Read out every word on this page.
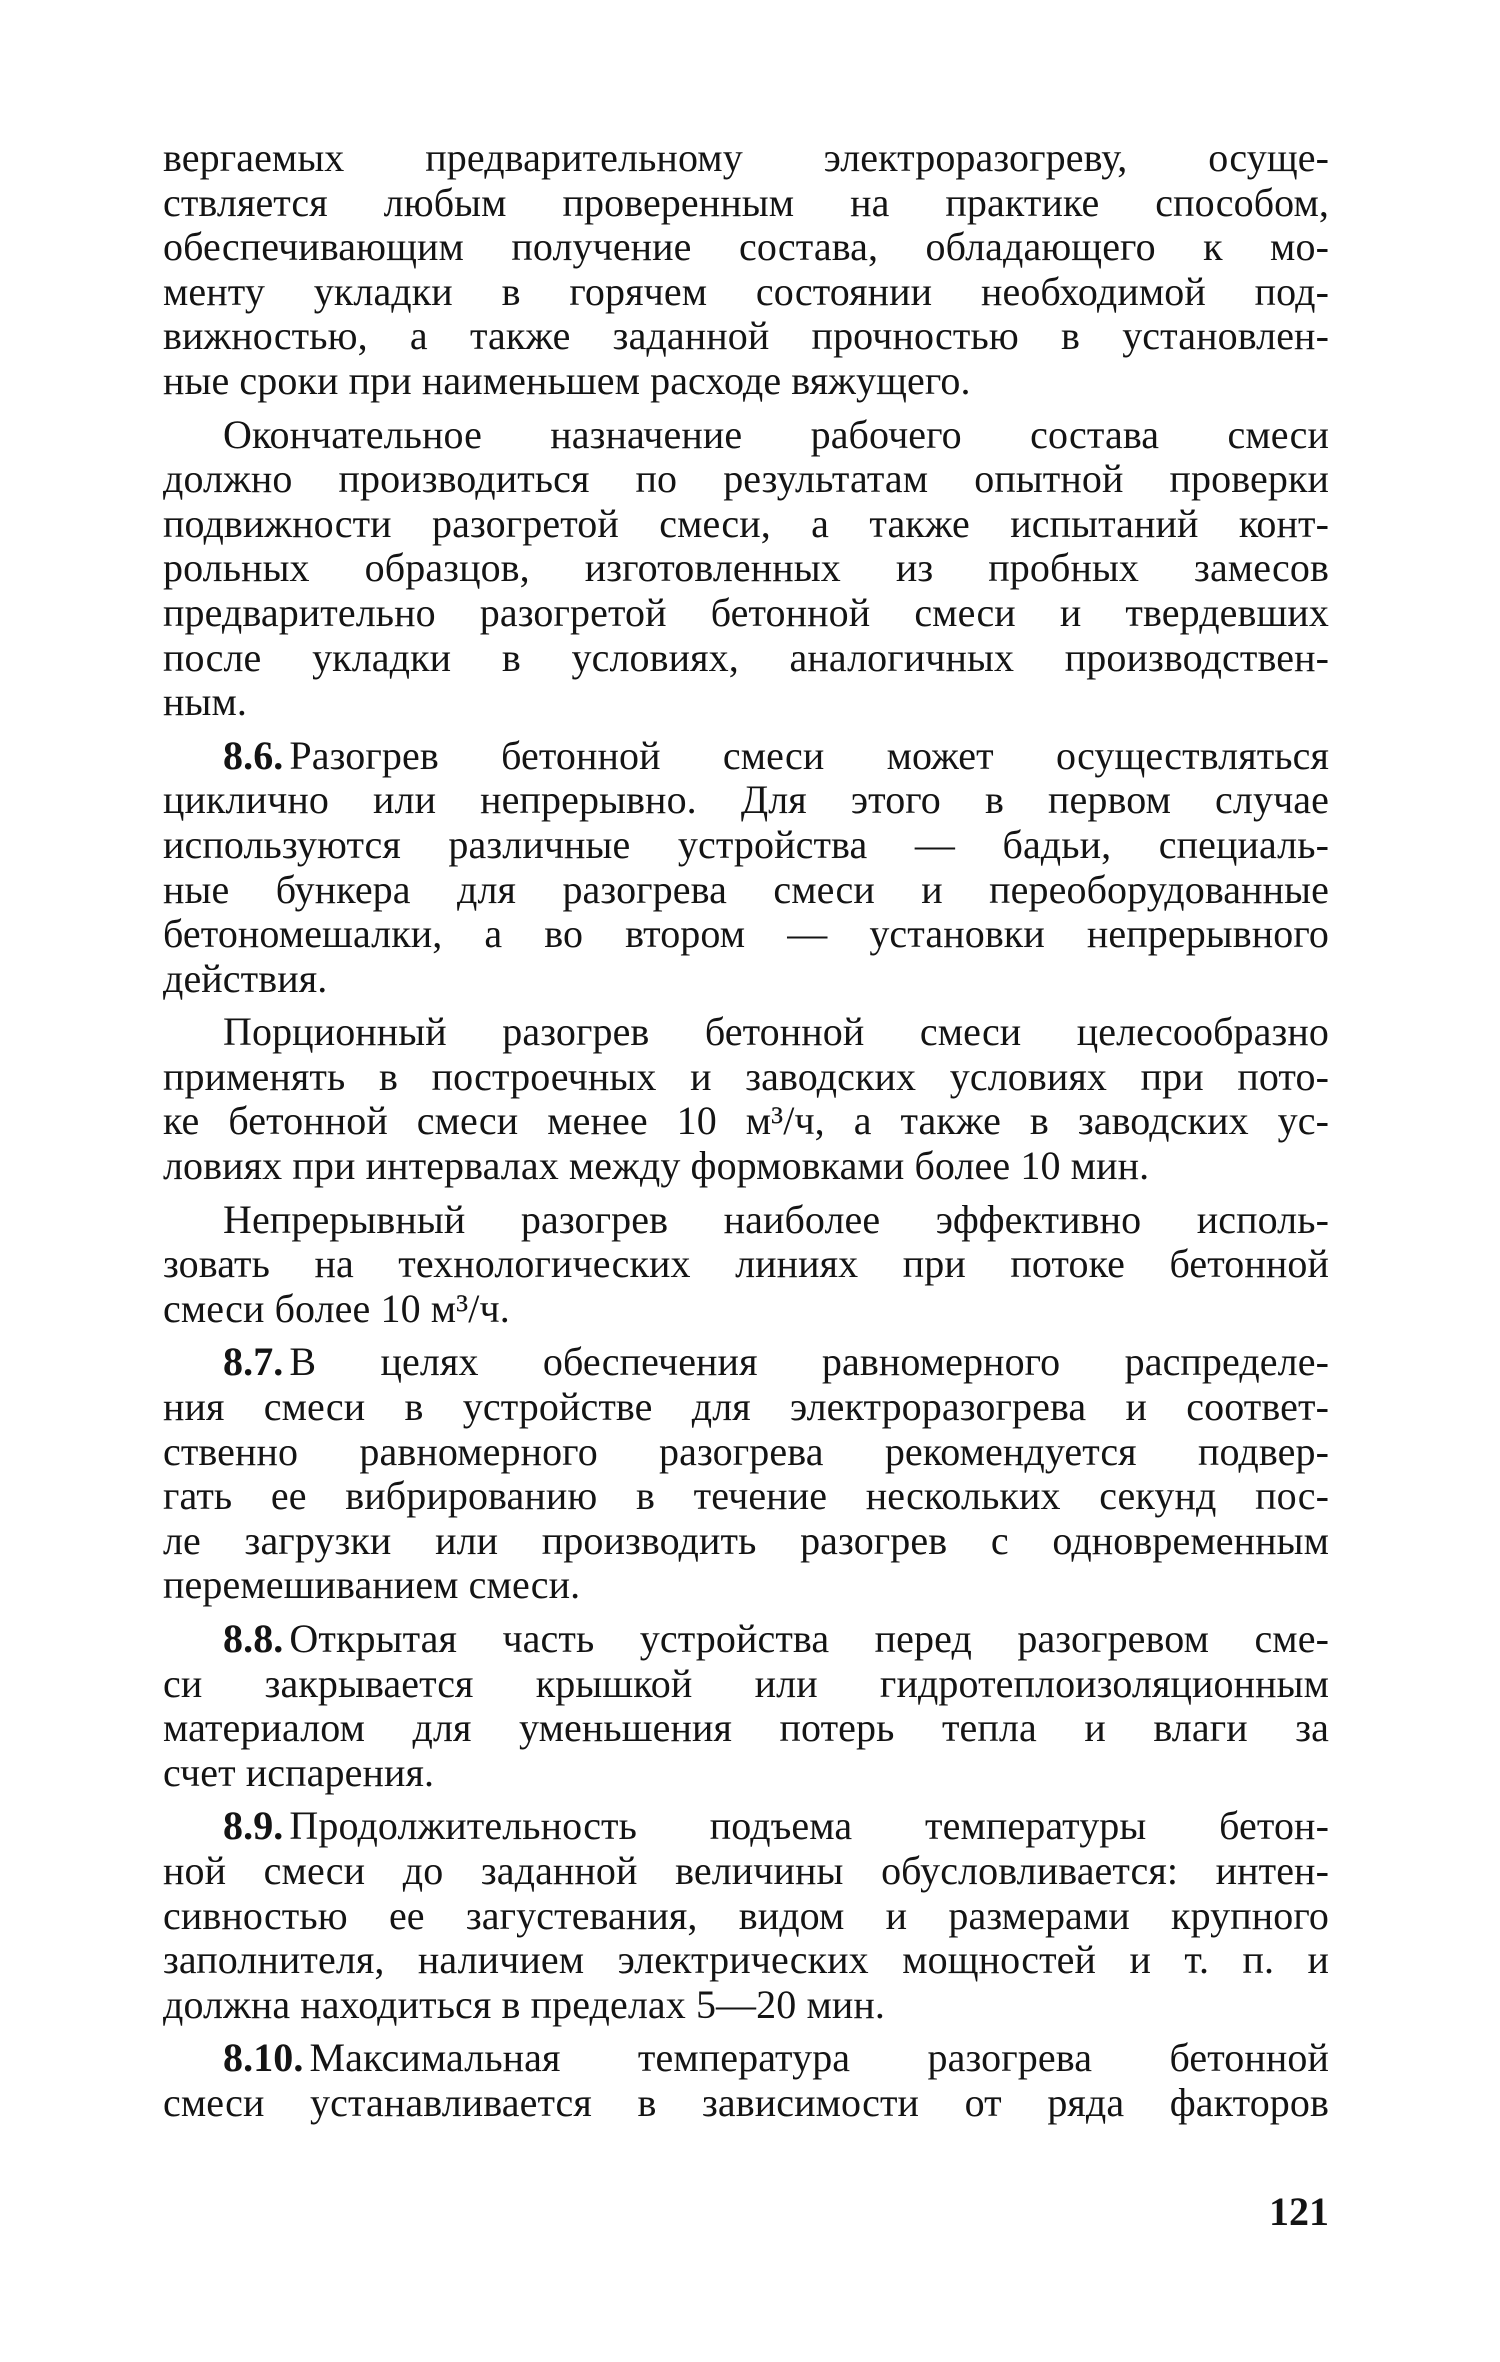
вергаемых предварительному электроразогреву, осуще-
ствляется любым проверенным на практике способом,
обеспечивающим получение состава, обладающего к мо-
менту укладки в горячем состоянии необходимой под-
вижностью, а также заданной прочностью в установлен-
ные сроки при наименьшем расходе вяжущего.
Окончательное назначение рабочего состава смеси
должно производиться по результатам опытной проверки
подвижности разогретой смеси, а также испытаний конт-
рольных образцов, изготовленных из пробных замесов
предварительно разогретой бетонной смеси и твердевших
после укладки в условиях, аналогичных производствен-
ным.
8.6. Разогрев бетонной смеси может осуществляться
циклично или непрерывно. Для этого в первом случае
используются различные устройства — бадьи, специаль-
ные бункера для разогрева смеси и переоборудованные
бетономешалки, а во втором — установки непрерывного
действия.
Порционный разогрев бетонной смеси целесообразно
применять в построечных и заводских условиях при пото-
ке бетонной смеси менее 10 м³/ч, а также в заводских ус-
ловиях при интервалах между формовками более 10 мин.
Непрерывный разогрев наиболее эффективно исполь-
зовать на технологических линиях при потоке бетонной
смеси более 10 м³/ч.
8.7. В целях обеспечения равномерного распределе-
ния смеси в устройстве для электроразогрева и соответ-
ственно равномерного разогрева рекомендуется подвер-
гать ее вибрированию в течение нескольких секунд пос-
ле загрузки или производить разогрев с одновременным
перемешиванием смеси.
8.8. Открытая часть устройства перед разогревом сме-
си закрывается крышкой или гидротеплоизоляционным
материалом для уменьшения потерь тепла и влаги за
счет испарения.
8.9. Продолжительность подъема температуры бетон-
ной смеси до заданной величины обусловливается: интен-
сивностью ее загустевания, видом и размерами крупного
заполнителя, наличием электрических мощностей и т. п. и
должна находиться в пределах 5—20 мин.
8.10. Максимальная температура разогрева бетонной
смеси устанавливается в зависимости от ряда факторов
121
